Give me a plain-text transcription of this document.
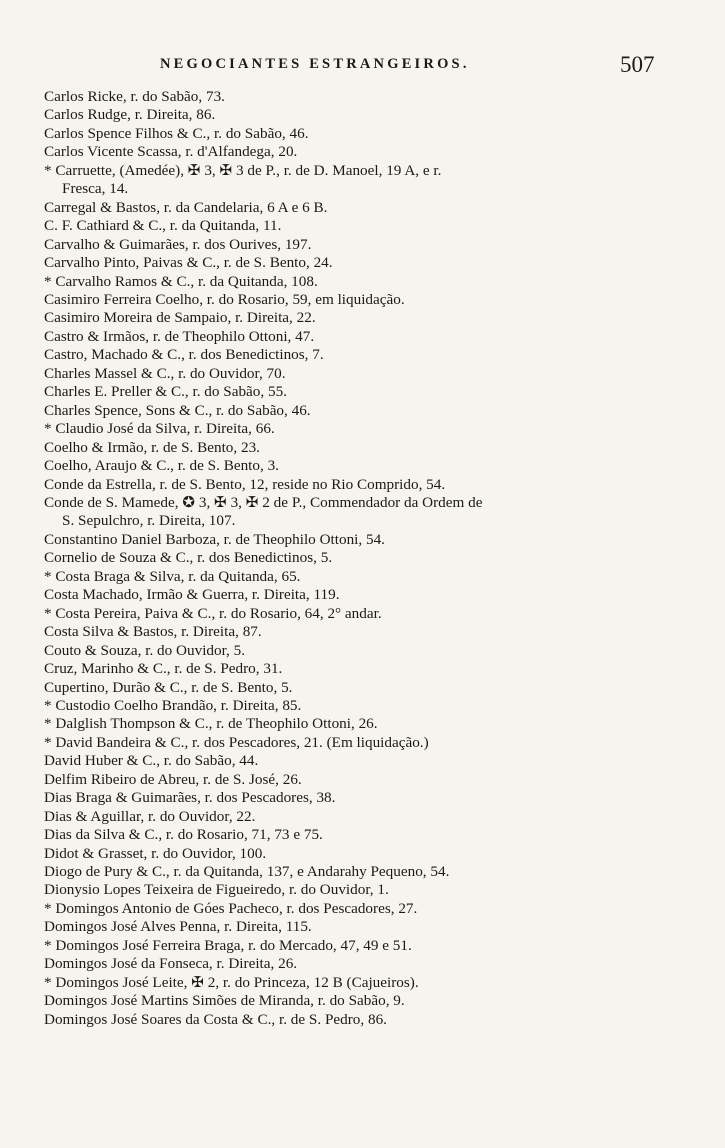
NEGOCIANTES ESTRANGEIROS.	507
Carlos Ricke, r. do Sabão, 73.
Carlos Rudge, r. Direita, 86.
Carlos Spence Filhos & C., r. do Sabão, 46.
Carlos Vicente Scassa, r. d'Alfandega, 20.
* Carruette, (Amedée), ✠ 3, ✠ 3 de P., r. de D. Manoel, 19 A, e r.
Fresca, 14.
Carregal & Bastos, r. da Candelaria, 6 A e 6 B.
C. F. Cathiard & C., r. da Quitanda, 11.
Carvalho & Guimarães, r. dos Ourives, 197.
Carvalho Pinto, Paivas & C., r. de S. Bento, 24.
* Carvalho Ramos & C., r. da Quitanda, 108.
Casimiro Ferreira Coelho, r. do Rosario, 59, em liquidação.
Casimiro Moreira de Sampaio, r. Direita, 22.
Castro & Irmãos, r. de Theophilo Ottoni, 47.
Castro, Machado & C., r. dos Benedictinos, 7.
Charles Massel & C., r. do Ouvidor, 70.
Charles E. Preller & C., r. do Sabão, 55.
Charles Spence, Sons & C., r. do Sabão, 46.
* Claudio José da Silva, r. Direita, 66.
Coelho & Irmão, r. de S. Bento, 23.
Coelho, Araujo & C., r. de S. Bento, 3.
Conde da Estrella, r. de S. Bento, 12, reside no Rio Comprido, 54.
Conde de S. Mamede, ✪ 3, ✠ 3, ✠ 2 de P., Commendador da Ordem de
S. Sepulchro, r. Direita, 107.
Constantino Daniel Barboza, r. de Theophilo Ottoni, 54.
Cornelio de Souza & C., r. dos Benedictinos, 5.
* Costa Braga & Silva, r. da Quitanda, 65.
Costa Machado, Irmão & Guerra, r. Direita, 119.
* Costa Pereira, Paiva & C., r. do Rosario, 64, 2° andar.
Costa Silva & Bastos, r. Direita, 87.
Couto & Souza, r. do Ouvidor, 5.
Cruz, Marinho & C., r. de S. Pedro, 31.
Cupertino, Durão & C., r. de S. Bento, 5.
* Custodio Coelho Brandão, r. Direita, 85.
* Dalglish Thompson & C., r. de Theophilo Ottoni, 26.
* David Bandeira & C., r. dos Pescadores, 21. (Em liquidação.)
David Huber & C., r. do Sabão, 44.
Delfim Ribeiro de Abreu, r. de S. José, 26.
Dias Braga & Guimarães, r. dos Pescadores, 38.
Dias & Aguillar, r. do Ouvidor, 22.
Dias da Silva & C., r. do Rosario, 71, 73 e 75.
Didot & Grasset, r. do Ouvidor, 100.
Diogo de Pury & C., r. da Quitanda, 137, e Andarahy Pequeno, 54.
Dionysio Lopes Teixeira de Figueiredo, r. do Ouvidor, 1.
* Domingos Antonio de Góes Pacheco, r. dos Pescadores, 27.
Domingos José Alves Penna, r. Direita, 115.
* Domingos José Ferreira Braga, r. do Mercado, 47, 49 e 51.
Domingos José da Fonseca, r. Direita, 26.
* Domingos José Leite, ✠ 2, r. do Princeza, 12 B (Cajueiros).
Domingos José Martins Simões de Miranda, r. do Sabão, 9.
Domingos José Soares da Costa & C., r. de S. Pedro, 86.
